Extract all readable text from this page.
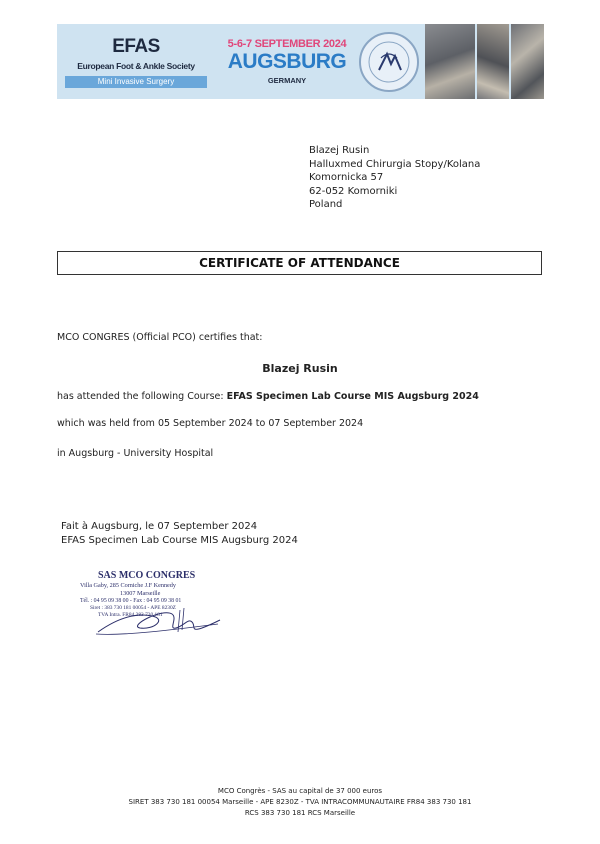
EFAS
European Foot & Ankle Society
Mini Invasive Surgery
5-6-7 SEPTEMBER 2024
AUGSBURG
GERMANY
Blazej Rusin
Halluxmed Chirurgia Stopy/Kolana
Komornicka 57
62-052 Komorniki
Poland
CERTIFICATE OF ATTENDANCE
MCO CONGRES (Official PCO) certifies that:
Blazej Rusin
has attended the following Course: EFAS Specimen Lab Course MIS Augsburg 2024
which was held from 05 September 2024 to 07 September 2024
in Augsburg - University Hospital
Fait à Augsburg, le 07 September 2024
EFAS Specimen Lab Course MIS Augsburg 2024
SAS MCO CONGRES
Villa Gaby, 285 Corniche J.F Kennedy
13007 Marseille
Tél. : 04 95 09 38 00 - Fax : 04 95 09 38 01
Siret : 383 730 181 00054 - APE 8230Z
TVA Intra. FR84 383 730 181
MCO Congrès - SAS au capital de 37 000 euros
SIRET 383 730 181 00054 Marseille - APE 8230Z - TVA INTRACOMMUNAUTAIRE FR84 383 730 181
RCS 383 730 181 RCS Marseille
